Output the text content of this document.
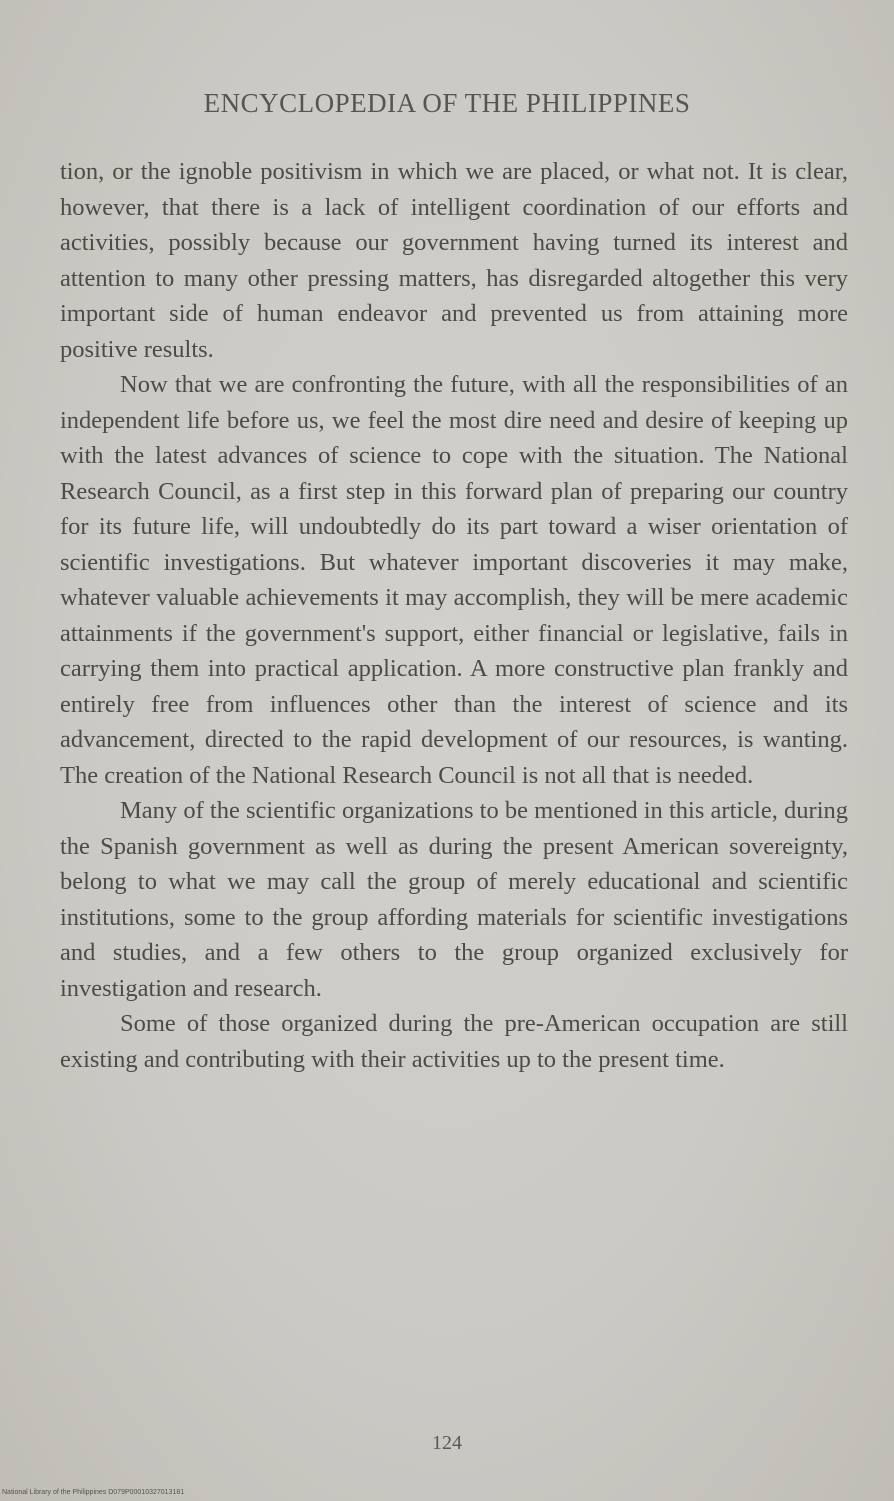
ENCYCLOPEDIA OF THE PHILIPPINES

tion, or the ignoble positivism in which we are placed, or what not. It is clear, however, that there is a lack of intelligent coordination of our efforts and activities, possibly because our government having turned its interest and attention to many other pressing matters, has disregarded altogether this very important side of human endeavor and prevented us from attaining more positive results.

Now that we are confronting the future, with all the responsibilities of an independent life before us, we feel the most dire need and desire of keeping up with the latest advances of science to cope with the situation. The National Research Council, as a first step in this forward plan of preparing our country for its future life, will undoubtedly do its part toward a wiser orientation of scientific investigations. But whatever important discoveries it may make, whatever valuable achievements it may accomplish, they will be mere academic attainments if the government's support, either financial or legislative, fails in carrying them into practical application. A more constructive plan frankly and entirely free from influences other than the interest of science and its advancement, directed to the rapid development of our resources, is wanting. The creation of the National Research Council is not all that is needed.

Many of the scientific organizations to be mentioned in this article, during the Spanish government as well as during the present American sovereignty, belong to what we may call the group of merely educational and scientific institutions, some to the group affording materials for scientific investigations and studies, and a few others to the group organized exclusively for investigation and research.

Some of those organized during the pre-American occupation are still existing and contributing with their activities up to the present time.

124
National Library of the Philippines D079P00010327013181
